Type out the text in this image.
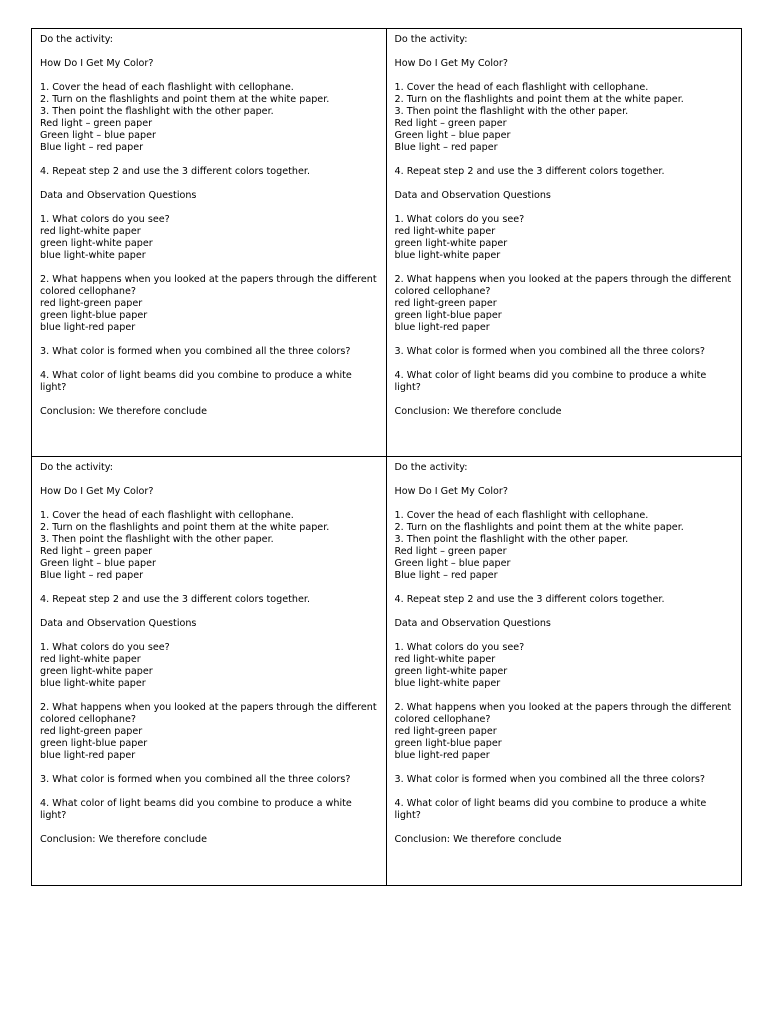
Do the activity:
How Do I Get My Color?
1. Cover the head of each flashlight with cellophane.
2. Turn on the flashlights and point them at the white paper.
3. Then point the flashlight with the other paper.
Red light – green paper
Green light – blue paper
Blue light – red paper
4. Repeat step 2 and use the 3 different colors together.
Data and Observation Questions
1. What colors do you see?
red light-white paper
green light-white paper
blue light-white paper
2. What happens when you looked at the papers through the different colored cellophane?
red light-green paper
green light-blue paper
blue light-red paper
3. What color is formed when you combined all the three colors?
4. What color of light beams did you combine to produce a white light?
Conclusion: We therefore conclude
Do the activity:
How Do I Get My Color?
1. Cover the head of each flashlight with cellophane.
2. Turn on the flashlights and point them at the white paper.
3. Then point the flashlight with the other paper.
Red light – green paper
Green light – blue paper
Blue light – red paper
4. Repeat step 2 and use the 3 different colors together.
Data and Observation Questions
1. What colors do you see?
red light-white paper
green light-white paper
blue light-white paper
2. What happens when you looked at the papers through the different colored cellophane?
red light-green paper
green light-blue paper
blue light-red paper
3. What color is formed when you combined all the three colors?
4. What color of light beams did you combine to produce a white light?
Conclusion: We therefore conclude
Do the activity:
How Do I Get My Color?
1. Cover the head of each flashlight with cellophane.
2. Turn on the flashlights and point them at the white paper.
3. Then point the flashlight with the other paper.
Red light – green paper
Green light – blue paper
Blue light – red paper
4. Repeat step 2 and use the 3 different colors together.
Data and Observation Questions
1. What colors do you see?
red light-white paper
green light-white paper
blue light-white paper
2. What happens when you looked at the papers through the different colored cellophane?
red light-green paper
green light-blue paper
blue light-red paper
3. What color is formed when you combined all the three colors?
4. What color of light beams did you combine to produce a white light?
Conclusion: We therefore conclude
Do the activity:
How Do I Get My Color?
1. Cover the head of each flashlight with cellophane.
2. Turn on the flashlights and point them at the white paper.
3. Then point the flashlight with the other paper.
Red light – green paper
Green light – blue paper
Blue light – red paper
4. Repeat step 2 and use the 3 different colors together.
Data and Observation Questions
1. What colors do you see?
red light-white paper
green light-white paper
blue light-white paper
2. What happens when you looked at the papers through the different colored cellophane?
red light-green paper
green light-blue paper
blue light-red paper
3. What color is formed when you combined all the three colors?
4. What color of light beams did you combine to produce a white light?
Conclusion: We therefore conclude
